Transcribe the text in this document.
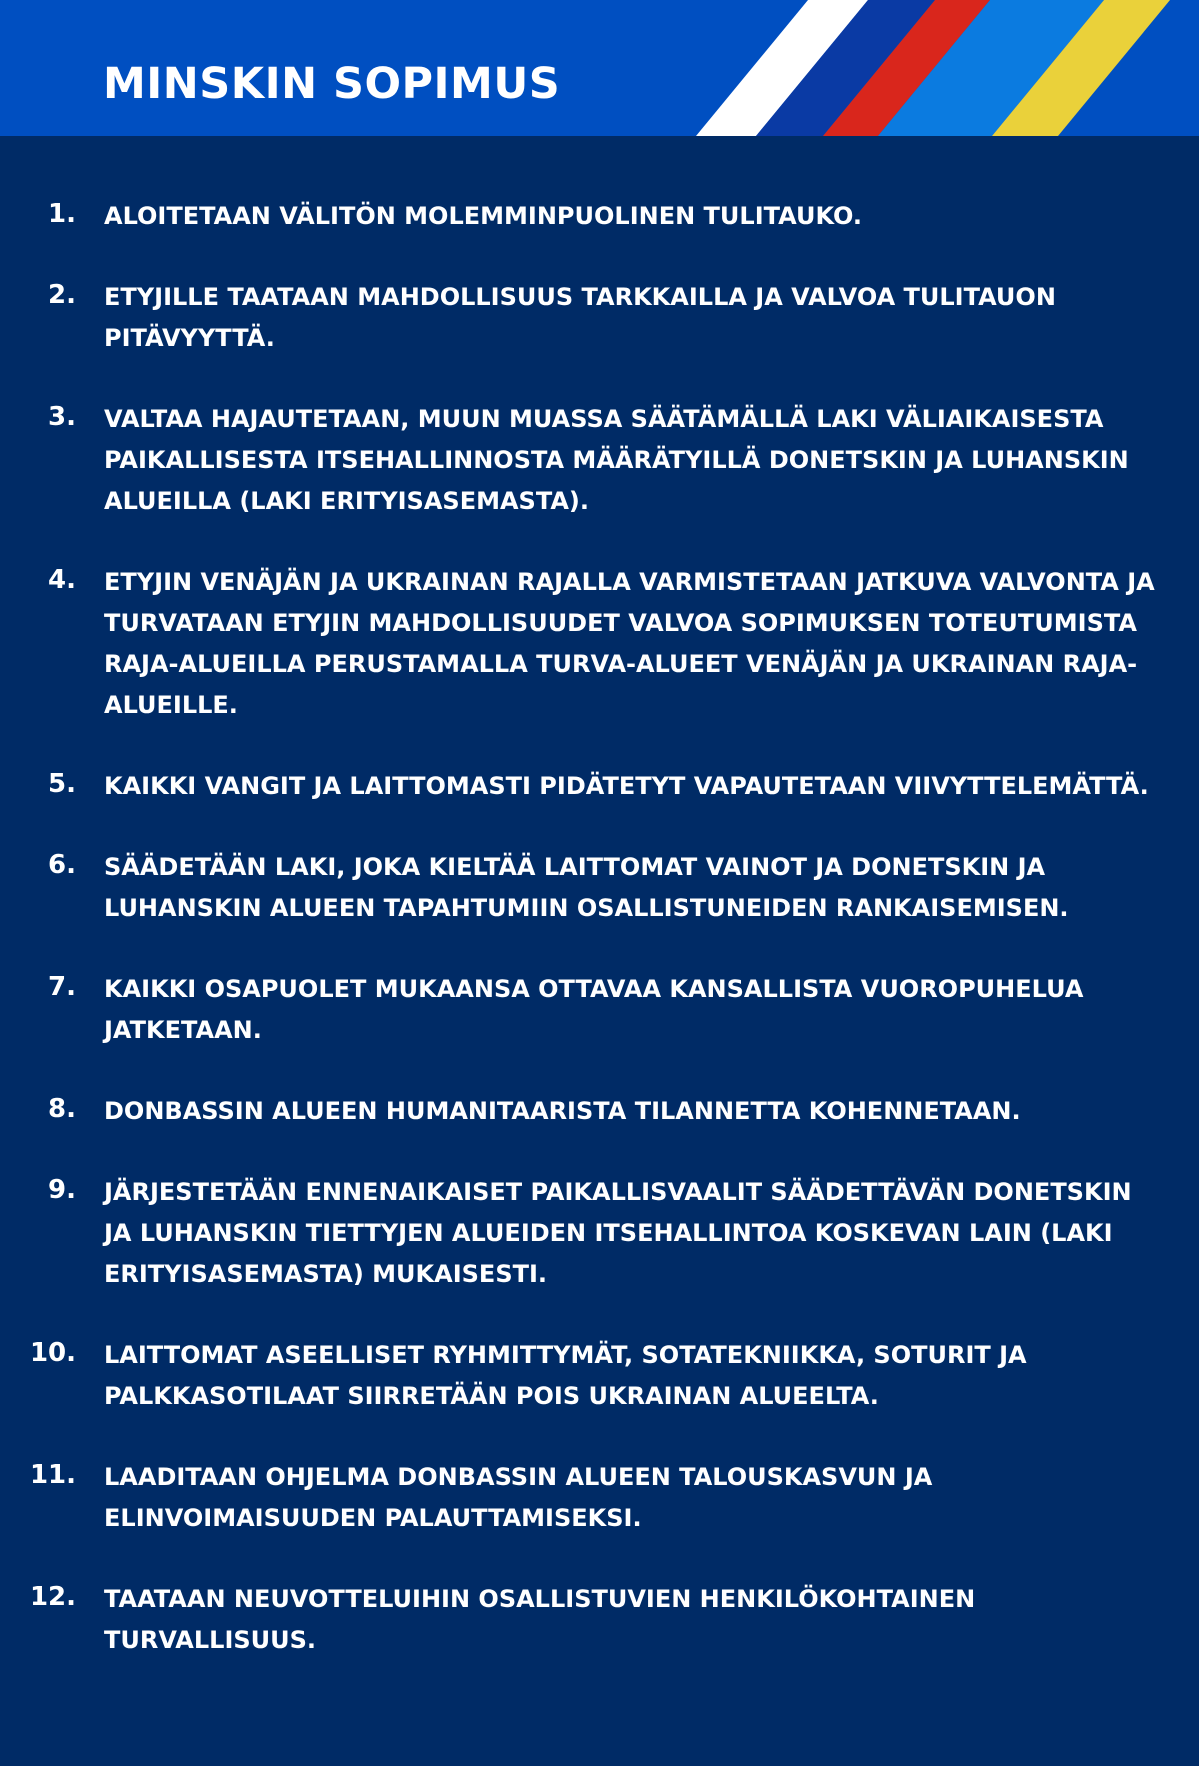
MINSKIN SOPIMUS
1. ALOITETAAN VÄLITÖN MOLEMMINPUOLINEN TULITAUKO.
2. ETYJILLE TAATAAN MAHDOLLISUUS TARKKAILLA JA VALVOA TULITAUON PITÄVYYTTÄ.
3. VALTAA HAJAUTETAAN, MUUN MUASSA SÄÄTÄMÄLLÄ LAKI VÄLIAIKAISESTA PAIKALLISESTA ITSEHALLINNOSTA MÄÄRÄTYILLÄ DONETSKIN JA LUHANSKIN ALUEILLA (LAKI ERITYISASEMASTA).
4. ETYJIN VENÄJÄN JA UKRAINAN RAJALLA VARMISTETAAN JATKUVA VALVONTA JA TURVATAAN ETYJIN MAHDOLLISUUDET VALVOA SOPIMUKSEN TOTEUTUMISTA RAJA-ALUEILLA PERUSTAMALLA TURVA-ALUEET VENÄJÄN JA UKRAINAN RAJA-ALUEILLE.
5. KAIKKI VANGIT JA LAITTOMASTI PIDÄTETYT VAPAUTETAAN VIIVYTTELEMÄTTÄ.
6. SÄÄDETÄÄN LAKI, JOKA KIELTÄÄ LAITTOMAT VAINOT JA DONETSKIN JA LUHANSKIN ALUEEN TAPAHTUMIIN OSALLISTUNEIDEN RANKAISEMISEN.
7. KAIKKI OSAPUOLET MUKAANSA OTTAVAA KANSALLISTA VUOROPUHELUA JATKETAAN.
8. DONBASSIN ALUEEN HUMANITAARISTA TILANNETTA KOHENNETAAN.
9. JÄRJESTETÄÄN ENNENAIKAISET PAIKALLISVAALIT SÄÄDETTÄVÄN DONETSKIN JA LUHANSKIN TIETTYJEN ALUEIDEN ITSEHALLINTOA KOSKEVAN LAIN (LAKI ERITYISASEMASTA) MUKAISESTI.
10. LAITTOMAT ASEELLISET RYHMITTYMÄT, SOTATEKNIIKKA, SOTURIT JA PALKKASOTILAAT SIIRRETÄÄN POIS UKRAINAN ALUEELTA.
11. LAADITAAN OHJELMA DONBASSIN ALUEEN TALOUSKASVUN JA ELINVOIMAISUUDEN PALAUTTAMISEKSI.
12. TAATAAN NEUVOTTELUIHIN OSALLISTUVIEN HENKILÖKOHTAINEN TURVALLISUUS.
